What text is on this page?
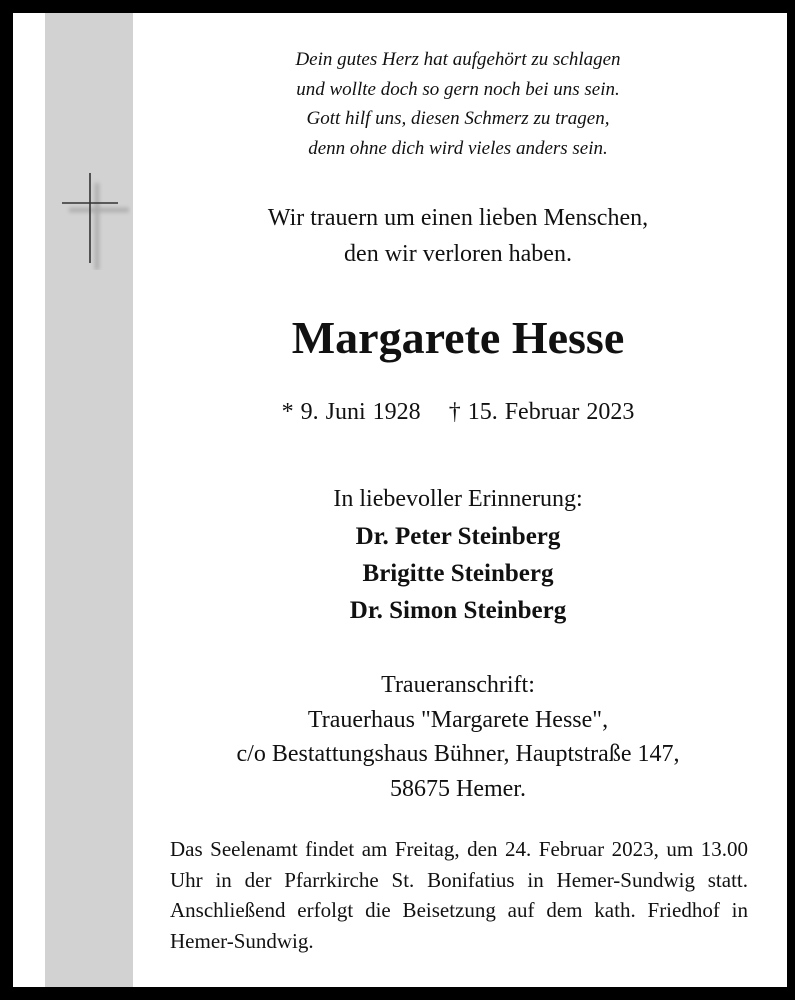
Dein gutes Herz hat aufgehört zu schlagen
und wollte doch so gern noch bei uns sein.
Gott hilf uns, diesen Schmerz zu tragen,
denn ohne dich wird vieles anders sein.
Wir trauern um einen lieben Menschen,
den wir verloren haben.
Margarete Hesse
* 9. Juni 1928 † 15. Februar 2023
In liebevoller Erinnerung:
Dr. Peter Steinberg
Brigitte Steinberg
Dr. Simon Steinberg
Traueranschrift:
Trauerhaus "Margarete Hesse",
c/o Bestattungshaus Bühner, Hauptstraße 147,
58675 Hemer.
Das Seelenamt findet am Freitag, den 24. Februar 2023, um 13.00 Uhr in der Pfarrkirche St. Bonifatius in Hemer-Sundwig statt. Anschließend erfolgt die Beisetzung auf dem kath. Friedhof in Hemer-Sundwig.
